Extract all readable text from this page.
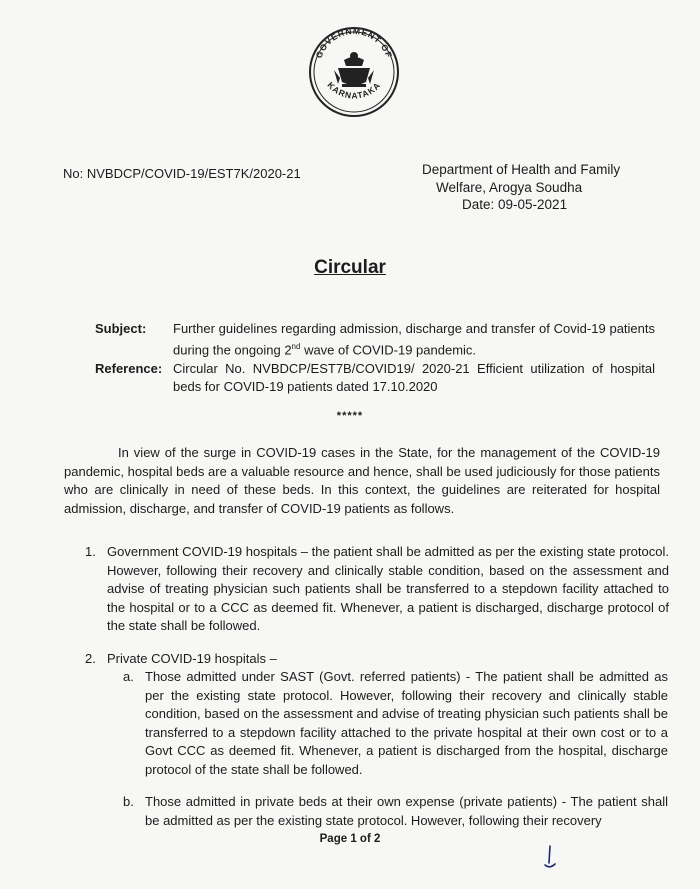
GOVERNMENT OF
KARNATAKA
No: NVBDCP/COVID-19/EST7K/2020-21	Department of Health and Family
Welfare, Arogya Soudha
Date: 09-05-2021
Circular
Subject:	Further guidelines regarding admission, discharge and transfer of Covid-19 patients during the ongoing 2nd wave of COVID-19 pandemic.
Reference: Circular No. NVBDCP/EST7B/COVID19/ 2020-21 Efficient utilization of hospital beds for COVID-19 patients dated 17.10.2020
*****
In view of the surge in COVID-19 cases in the State, for the management of the COVID-19 pandemic, hospital beds are a valuable resource and hence, shall be used judiciously for those patients who are clinically in need of these beds. In this context, the guidelines are reiterated for hospital admission, discharge, and transfer of COVID-19 patients as follows.
1. Government COVID-19 hospitals – the patient shall be admitted as per the existing state protocol. However, following their recovery and clinically stable condition, based on the assessment and advise of treating physician such patients shall be transferred to a stepdown facility attached to the hospital or to a CCC as deemed fit. Whenever, a patient is discharged, discharge protocol of the state shall be followed.
2. Private COVID-19 hospitals –
a. Those admitted under SAST (Govt. referred patients) - The patient shall be admitted as per the existing state protocol. However, following their recovery and clinically stable condition, based on the assessment and advise of treating physician such patients shall be transferred to a stepdown facility attached to the private hospital at their own cost or to a Govt CCC as deemed fit. Whenever, a patient is discharged from the hospital, discharge protocol of the state shall be followed.
b. Those admitted in private beds at their own expense (private patients) - The patient shall be admitted as per the existing state protocol. However, following their recovery
Page 1 of 2
